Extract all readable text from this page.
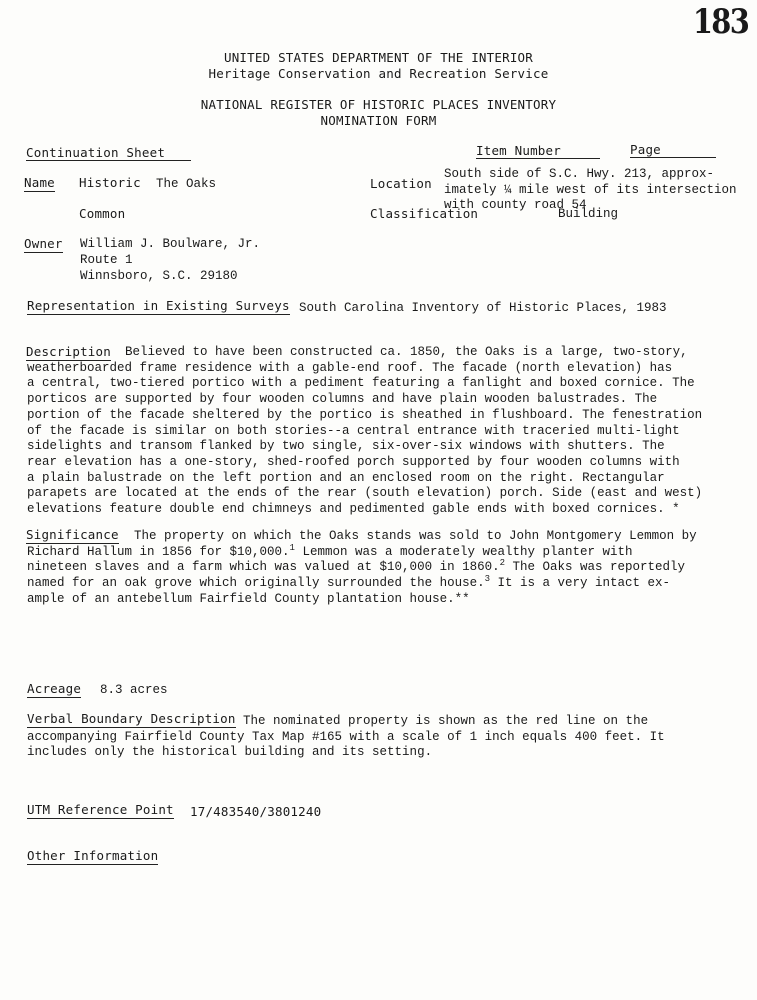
183
UNITED STATES DEPARTMENT OF THE INTERIOR
Heritage Conservation and Recreation Service
NATIONAL REGISTER OF HISTORIC PLACES INVENTORY
NOMINATION FORM
Continuation Sheet	Item Number	Page
Name Historic The Oaks
Common
Location
South side of S.C. Hwy. 213, approx-
imately ¼ mile west of its intersection
with county road 54
Classification	Building
Owner William J. Boulware, Jr.
Route 1
Winnsboro, S.C. 29180
Representation in Existing Surveys South Carolina Inventory of Historic Places, 1983
Description	Believed to have been constructed ca. 1850, the Oaks is a large, two-story,
weatherboarded frame residence with a gable-end roof. The facade (north elevation) has
a central, two-tiered portico with a pediment featuring a fanlight and boxed cornice. The
porticos are supported by four wooden columns and have plain wooden balustrades. The
portion of the facade sheltered by the portico is sheathed in flushboard. The fenestration
of the facade is similar on both stories--a central entrance with traceried multi-light
sidelights and transom flanked by two single, six-over-six windows with shutters. The
rear elevation has a one-story, shed-roofed porch supported by four wooden columns with
a plain balustrade on the left portion and an enclosed room on the right. Rectangular
parapets are located at the ends of the rear (south elevation) porch. Side (east and west)
elevations feature double end chimneys and pedimented gable ends with boxed cornices. *
Significance	The property on which the Oaks stands was sold to John Montgomery Lemmon by
Richard Hallum in 1856 for $10,000.$^1$ Lemmon was a moderately wealthy planter with
nineteen slaves and a farm which was valued at $10,000 in 1860.$^2$ The Oaks was reportedly
named for an oak grove which originally surrounded the house.$^3$ It is a very intact ex-
ample of an antebellum Fairfield County plantation house.**
Acreage 8.3 acres
Verbal Boundary Description The nominated property is shown as the red line on the
accompanying Fairfield County Tax Map #165 with a scale of 1 inch equals 400 feet. It
includes only the historical building and its setting.
UTM Reference Point 17/483540/3801240
Other Information
